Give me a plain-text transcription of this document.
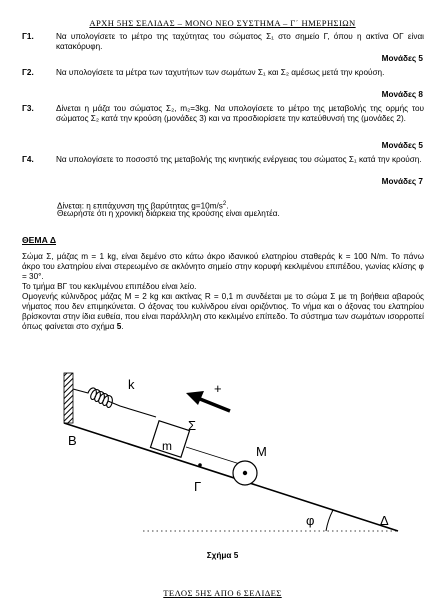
ΑΡΧΗ 5ΗΣ ΣΕΛΙΔΑΣ – ΜΟΝΟ ΝΕΟ ΣΥΣΤΗΜΑ – Γ΄ ΗΜΕΡΗΣΙΩΝ
Γ1.	Να υπολογίσετε το μέτρο της ταχύτητας του σώματος Σ₁ στο σημείο Γ, όπου η ακτίνα ΟΓ είναι κατακόρυφη.
Μονάδες 5
Γ2.	Να υπολογίσετε τα μέτρα των ταχυτήτων των σωμάτων Σ₁ και Σ₂ αμέσως μετά την κρούση.
Μονάδες 8
Γ3.	Δίνεται η μάζα του σώματος Σ₂, m₂=3kg. Να υπολογίσετε το μέτρο της μεταβολής της ορμής του σώματος Σ₂ κατά την κρούση (μονάδες 3) και να προσδιορίσετε την κατεύθυνσή της (μονάδες 2).
Μονάδες 5
Γ4.	Να υπολογίσετε το ποσοστό της μεταβολής της κινητικής ενέργειας του σώματος Σ₁ κατά την κρούση.
Μονάδες 7
Δίνεται: η επιτάχυνση της βαρύτητας $g=10m/s^2$.
Θεωρήστε ότι η χρονική διάρκεια της κρούσης είναι αμελητέα.
ΘΕΜΑ Δ
Σώμα Σ, μάζας m = 1 kg, είναι δεμένο στο κάτω άκρο ιδανικού ελατηρίου σταθεράς k = 100 N/m. Το πάνω άκρο του ελατηρίου είναι στερεωμένο σε ακλόνητο σημείο στην κορυφή κεκλιμένου επιπέδου, γωνίας κλίσης φ = 30°.
Το τμήμα ΒΓ του κεκλιμένου επιπέδου είναι λείο.
Ομογενής κύλινδρος μάζας Μ = 2 kg και ακτίνας R = 0,1 m συνδέεται με το σώμα Σ με τη βοήθεια αβαρούς νήματος που δεν επιμηκύνεται. Ο άξονας του κυλίνδρου είναι οριζόντιος. Το νήμα και ο άξονας του ελατηρίου βρίσκονται στην ίδια ευθεία, που είναι παράλληλη στο κεκλιμένο επίπεδο. Το σύστημα των σωμάτων ισορροπεί όπως φαίνεται στο σχήμα 5.
k
m
Σ
Β
Μ
Γ
φ	Δ
+
Σχήμα 5
ΤΕΛΟΣ 5ΗΣ ΑΠΟ 6 ΣΕΛΙΔΕΣ
